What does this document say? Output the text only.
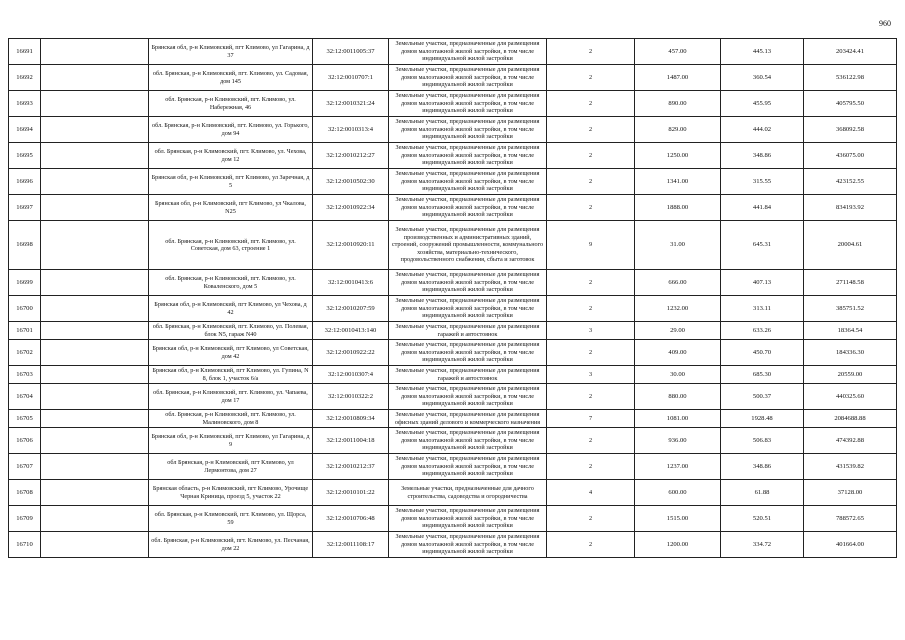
960
16691		Брянская обл, р-н Климовский, пгт Климово, ул Гагарина, д 37	32:12:0011005:37	Земельные участки, предназначенные для размещения домов малоэтажной жилой застройки, в том числе индивидуальной жилой застройки	2	457.00	445.13	203424.41
16692		обл. Брянская, р-н Климовский, пгт. Климово, ул. Садовая, дом 145	32:12:0010707:1	Земельные участки, предназначенные для размещения домов малоэтажной жилой застройки, в том числе индивидуальной жилой застройки	2	1487.00	360.54	536122.98
16693		обл. Брянская, р-н Климовский, пгт. Климово, ул. Набережная, 46	32:12:0010321:24	Земельные участки, предназначенные для размещения домов малоэтажной жилой застройки, в том числе индивидуальной жилой застройки	2	890.00	455.95	405795.50
16694		обл. Брянская, р-н Климовский, пгт. Климово, ул. Горького, дом 94	32:12:0010313:4	Земельные участки, предназначенные для размещения домов малоэтажной жилой застройки, в том числе индивидуальной жилой застройки	2	829.00	444.02	368092.58
16695		обл. Брянская, р-н Климовский, пгт. Климово, ул. Чехова, дом 12	32:12:0010212:27	Земельные участки, предназначенные для размещения домов малоэтажной жилой застройки, в том числе индивидуальной жилой застройки	2	1250.00	348.86	436075.00
16696		Брянская обл, р-н Климовский, пгт Климово, ул Заречная, д 5	32:12:0010502:30	Земельные участки, предназначенные для размещения домов малоэтажной жилой застройки, в том числе индивидуальной жилой застройки	2	1341.00	315.55	423152.55
16697		Брянская обл, р-н Климовский, пгт Климово, ул Чкалова, N25	32:12:0010922:34	Земельные участки, предназначенные для размещения домов малоэтажной жилой застройки, в том числе индивидуальной жилой застройки	2	1888.00	441.84	834193.92
16698		обл. Брянская, р-н Климовский, пгт. Климово, ул. Советская, дом 63, строение 1	32:12:0010920:11	Земельные участки, предназначенные для размещения производственных и административных зданий, строений, сооружений промышленности, коммунального хозяйства, материально-технического, продовольственного снабжения, сбыта и заготовок	9	31.00	645.31	20004.61
16699		обл. Брянская, р-н Климовский, пгт. Климово, ул. Коваленского, дом 5	32:12:0010413:6	Земельные участки, предназначенные для размещения домов малоэтажной жилой застройки, в том числе индивидуальной жилой застройки	2	666.00	407.13	271148.58
16700		Брянская обл, р-н Климовский, пгт Климово, ул Чехова, д 42	32:12:0010207:59	Земельные участки, предназначенные для размещения домов малоэтажной жилой застройки, в том числе индивидуальной жилой застройки	2	1232.00	313.11	385751.52
16701		обл. Брянская, р-н Климовский, пгт. Климово, ул. Полевая, блок N5, гараж N40	32:12:0010413:140	Земельные участки, предназначенные для размещения гаражей и автостоянок	3	29.00	633.26	18364.54
16702		Брянская обл, р-н Климовский, пгт Климово, ул Советская, дом 42	32:12:0010922:22	Земельные участки, предназначенные для размещения домов малоэтажной жилой застройки, в том числе индивидуальной жилой застройки	2	409.00	450.70	184336.30
16703		Брянская обл, р-н Климовский, пгт Климово, ул. Гупина, N 8, блок 1, участок 6/а	32:12:0010307:4	Земельные участки, предназначенные для размещения гаражей и автостоянок	3	30.00	685.30	20559.00
16704		обл. Брянская, р-н Климовский, пгт. Климово, ул. Чапаева, дом 17	32:12:0010322:2	Земельные участки, предназначенные для размещения домов малоэтажной жилой застройки, в том числе индивидуальной жилой застройки	2	880.00	500.37	440325.60
16705		обл. Брянская, р-н Климовский, пгт. Климово, ул. Малиновского, дом 8	32:12:0010809:34	Земельные участки, предназначенные для размещения офисных зданий делового и коммерческого назначения	7	1081.00	1928.48	2084688.88
16706		Брянская обл, р-н Климовский, пгт Климово, ул Гагарина, д 9	32:12:0011004:18	Земельные участки, предназначенные для размещения домов малоэтажной жилой застройки, в том числе индивидуальной жилой застройки	2	936.00	506.83	474392.88
16707		обл Брянская, р-н Климовский, пгт Климово, ул Лермонтова, дом 27	32:12:0010212:37	Земельные участки, предназначенные для размещения домов малоэтажной жилой застройки, в том числе индивидуальной жилой застройки	2	1237.00	348.86	431539.82
16708		Брянская область, р-н Климовский, пгт Климово, Урочище Черная Криница, проезд 5, участок 22	32:12:0010101:22	Земельные участки, предназначенные для дачного строительства, садоводства и огородничества	4	600.00	61.88	37128.00
16709		обл. Брянская, р-н Климовский, пгт. Климово, ул. Щорса, 59	32:12:0010706:48	Земельные участки, предназначенные для размещения домов малоэтажной жилой застройки, в том числе индивидуальной жилой застройки	2	1515.00	520.51	788572.65
16710		обл. Брянская, р-н Климовский, пгт. Климово, ул. Песчаная, дом 22	32:12:0011108:17	Земельные участки, предназначенные для размещения домов малоэтажной жилой застройки, в том числе индивидуальной жилой застройки	2	1200.00	334.72	401664.00
